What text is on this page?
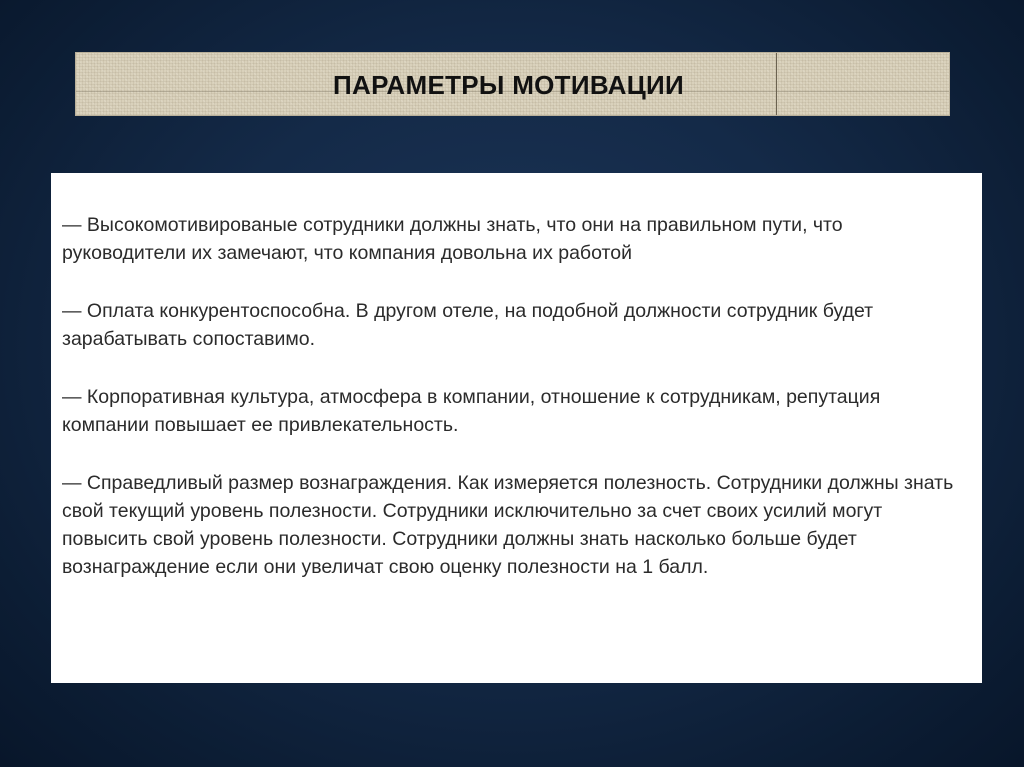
ПАРАМЕТРЫ МОТИВАЦИИ

— Высокомотивированые сотрудники должны знать, что они на правильном пути, что руководители их замечают, что компания довольна их работой

— Оплата конкурентоспособна. В другом отеле, на подобной должности сотрудник будет зарабатывать сопоставимо.

— Корпоративная культура, атмосфера в компании, отношение к сотрудникам, репутация компании повышает ее привлекательность.

— Справедливый размер вознаграждения. Как измеряется полезность. Сотрудники должны знать свой текущий уровень полезности. Сотрудники исключительно за счет своих усилий могут повысить свой уровень полезности. Сотрудники должны знать насколько больше будет вознаграждение если они увеличат свою оценку полезности на 1 балл.
